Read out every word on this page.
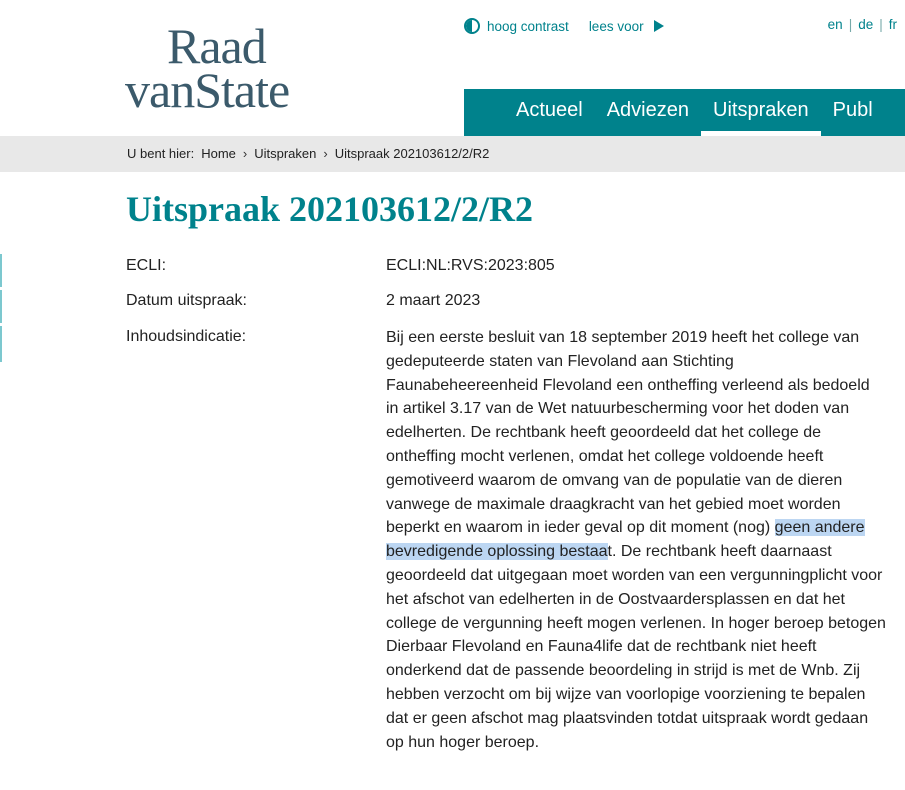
Raad
vanState
hoog contrast lees voor	en | de | fr
Actueel	Adviezen	Uitspraken	Publ
U bent hier: Home › Uitspraken › Uitspraak 202103612/2/R2
Uitspraak 202103612/2/R2
ECLI:	ECLI:NL:RVS:2023:805
Datum uitspraak:	2 maart 2023
Inhoudsindicatie:	Bij een eerste besluit van 18 september 2019 heeft het college van gedeputeerde staten van Flevoland aan Stichting Faunabeheereenheid Flevoland een ontheffing verleend als bedoeld in artikel 3.17 van de Wet natuurbescherming voor het doden van edelherten. De rechtbank heeft geoordeeld dat het college de ontheffing mocht verlenen, omdat het college voldoende heeft gemotiveerd waarom de omvang van de populatie van de dieren vanwege de maximale draagkracht van het gebied moet worden beperkt en waarom in ieder geval op dit moment (nog) geen andere bevredigende oplossing bestaat. De rechtbank heeft daarnaast geoordeeld dat uitgegaan moet worden van een vergunningplicht voor het afschot van edelherten in de Oostvaardersplassen en dat het college de vergunning heeft mogen verlenen. In hoger beroep betogen Dierbaar Flevoland en Fauna4life dat de rechtbank niet heeft onderkend dat de passende beoordeling in strijd is met de Wnb. Zij hebben verzocht om bij wijze van voorlopige voorziening te bepalen dat er geen afschot mag plaatsvinden totdat uitspraak wordt gedaan op hun hoger beroep.
